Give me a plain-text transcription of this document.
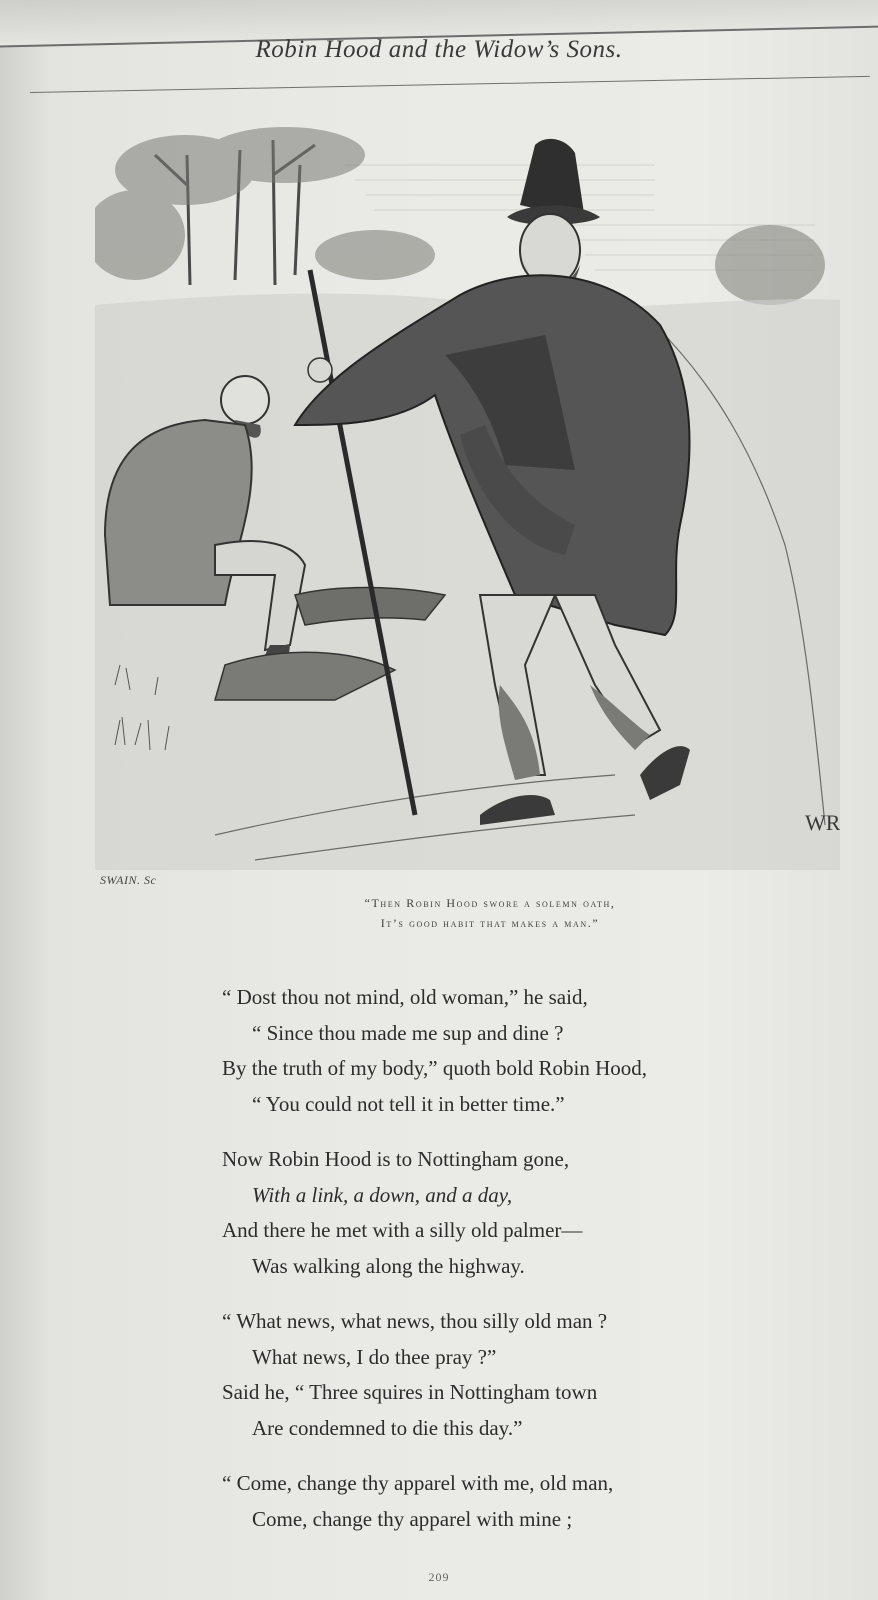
Robin Hood and the Widow’s Sons.
WR
SWAIN. Sc
“Then Robin Hood swore a solemn oath,
It’s good habit that makes a man.”
“ Dost thou not mind, old woman,” he said,
“ Since thou made me sup and dine ?
By the truth of my body,” quoth bold Robin Hood,
“ You could not tell it in better time.”
Now Robin Hood is to Nottingham gone,
With a link, a down, and a day,
And there he met with a silly old palmer—
Was walking along the highway.
“ What news, what news, thou silly old man ?
What news, I do thee pray ?”
Said he, “ Three squires in Nottingham town
Are condemned to die this day.”
“ Come, change thy apparel with me, old man,
Come, change thy apparel with mine ;
209
